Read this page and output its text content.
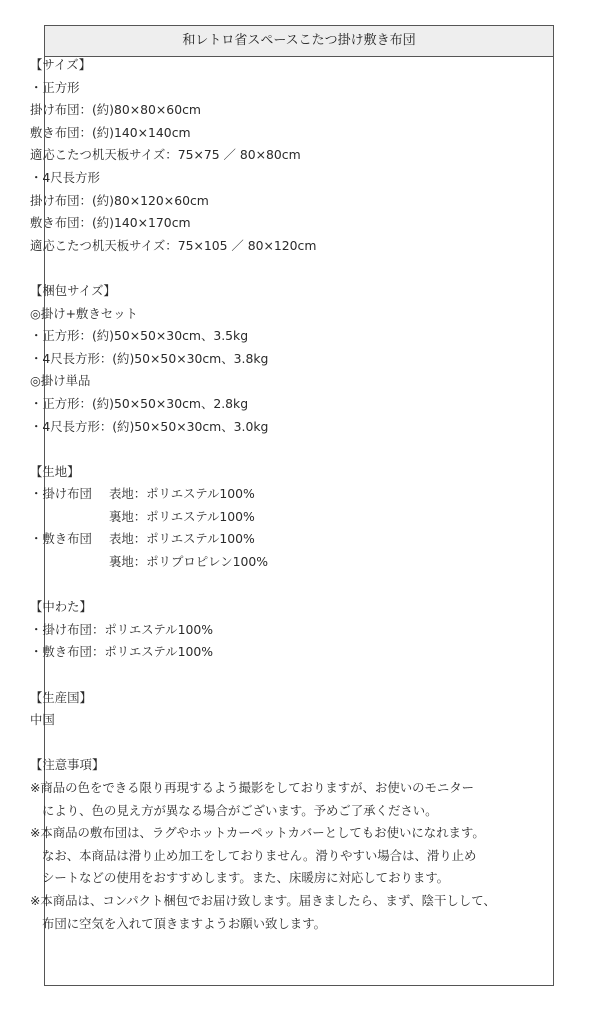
和レトロ省スペースこたつ掛け敷き布団
【サイズ】
・正方形
掛け布団：(約)80×80×60cm
敷き布団：(約)140×140cm
適応こたつ机天板サイズ：75×75 ／ 80×80cm
・4尺長方形
掛け布団：(約)80×120×60cm
敷き布団：(約)140×170cm
適応こたつ机天板サイズ：75×105 ／ 80×120cm
【梱包サイズ】
◎掛け+敷きセット
・正方形：(約)50×50×30cm、3.5kg
・4尺長方形：(約)50×50×30cm、3.8kg
◎掛け単品
・正方形：(約)50×50×30cm、2.8kg
・4尺長方形：(約)50×50×30cm、3.0kg
【生地】
・掛け布団 表地：ポリエステル100%
裏地：ポリエステル100%
・敷き布団 表地：ポリエステル100%
裏地：ポリプロピレン100%
【中わた】
・掛け布団：ポリエステル100%
・敷き布団：ポリエステル100%
【生産国】
中国
【注意事項】
※商品の色をできる限り再現するよう撮影をしておりますが、お使いのモニター
により、色の見え方が異なる場合がございます。予めご了承ください。
※本商品の敷布団は、ラグやホットカーペットカバーとしてもお使いになれます。
なお、本商品は滑り止め加工をしておりません。滑りやすい場合は、滑り止め
シートなどの使用をおすすめします。また、床暖房に対応しております。
※本商品は、コンパクト梱包でお届け致します。届きましたら、まず、陰干しして、
布団に空気を入れて頂きますようお願い致します。
